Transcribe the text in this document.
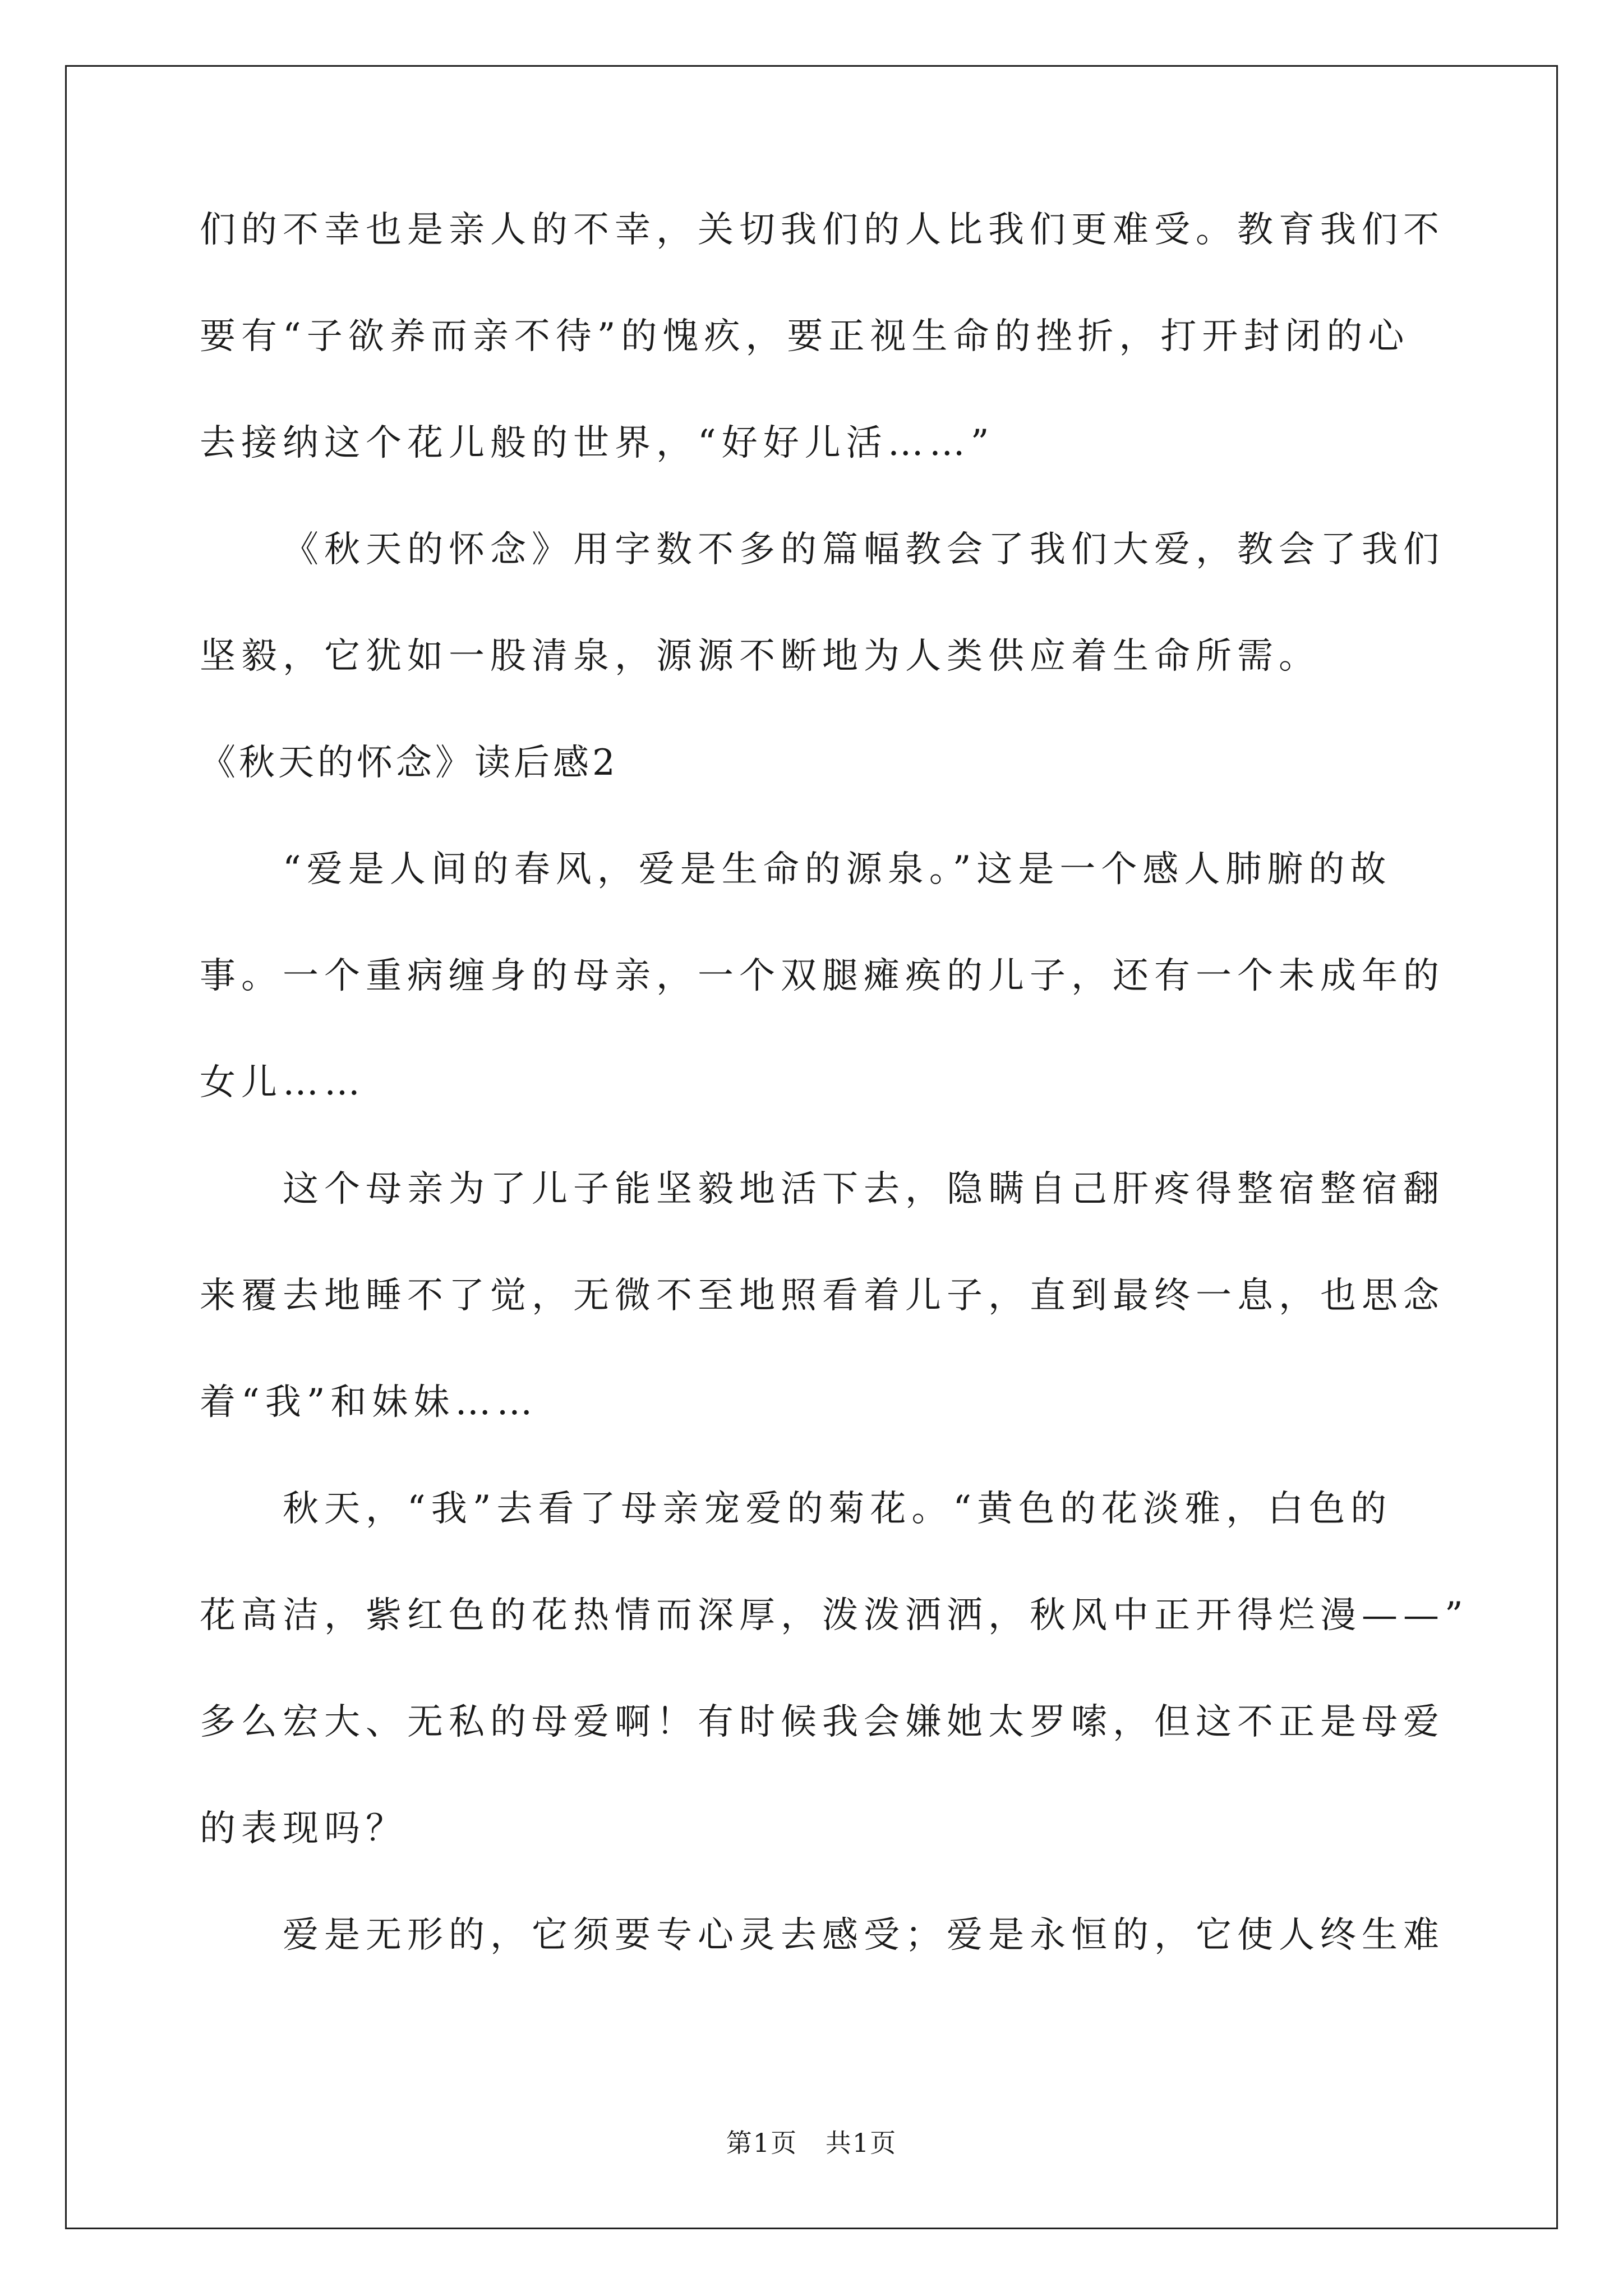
们的不幸也是亲人的不幸，关切我们的人比我们更难受。教育我们不
要有“子欲养而亲不待”的愧疚，要正视生命的挫折，打开封闭的心
去接纳这个花儿般的世界，“好好儿活……”
《秋天的怀念》用字数不多的篇幅教会了我们大爱，教会了我们
坚毅，它犹如一股清泉，源源不断地为人类供应着生命所需。
《秋天的怀念》读后感2
“爱是人间的春风，爱是生命的源泉。”这是一个感人肺腑的故
事。一个重病缠身的母亲，一个双腿瘫痪的儿子，还有一个未成年的
女儿……
这个母亲为了儿子能坚毅地活下去，隐瞒自己肝疼得整宿整宿翻
来覆去地睡不了觉，无微不至地照看着儿子，直到最终一息，也思念
着“我”和妹妹……
秋天，“我”去看了母亲宠爱的菊花。“黄色的花淡雅，白色的
花高洁，紫红色的花热情而深厚，泼泼洒洒，秋风中正开得烂漫——”
多么宏大、无私的母爱啊！有时候我会嫌她太罗嗦，但这不正是母爱
的表现吗？
爱是无形的，它须要专心灵去感受；爱是永恒的，它使人终生难
第1页   共1页
